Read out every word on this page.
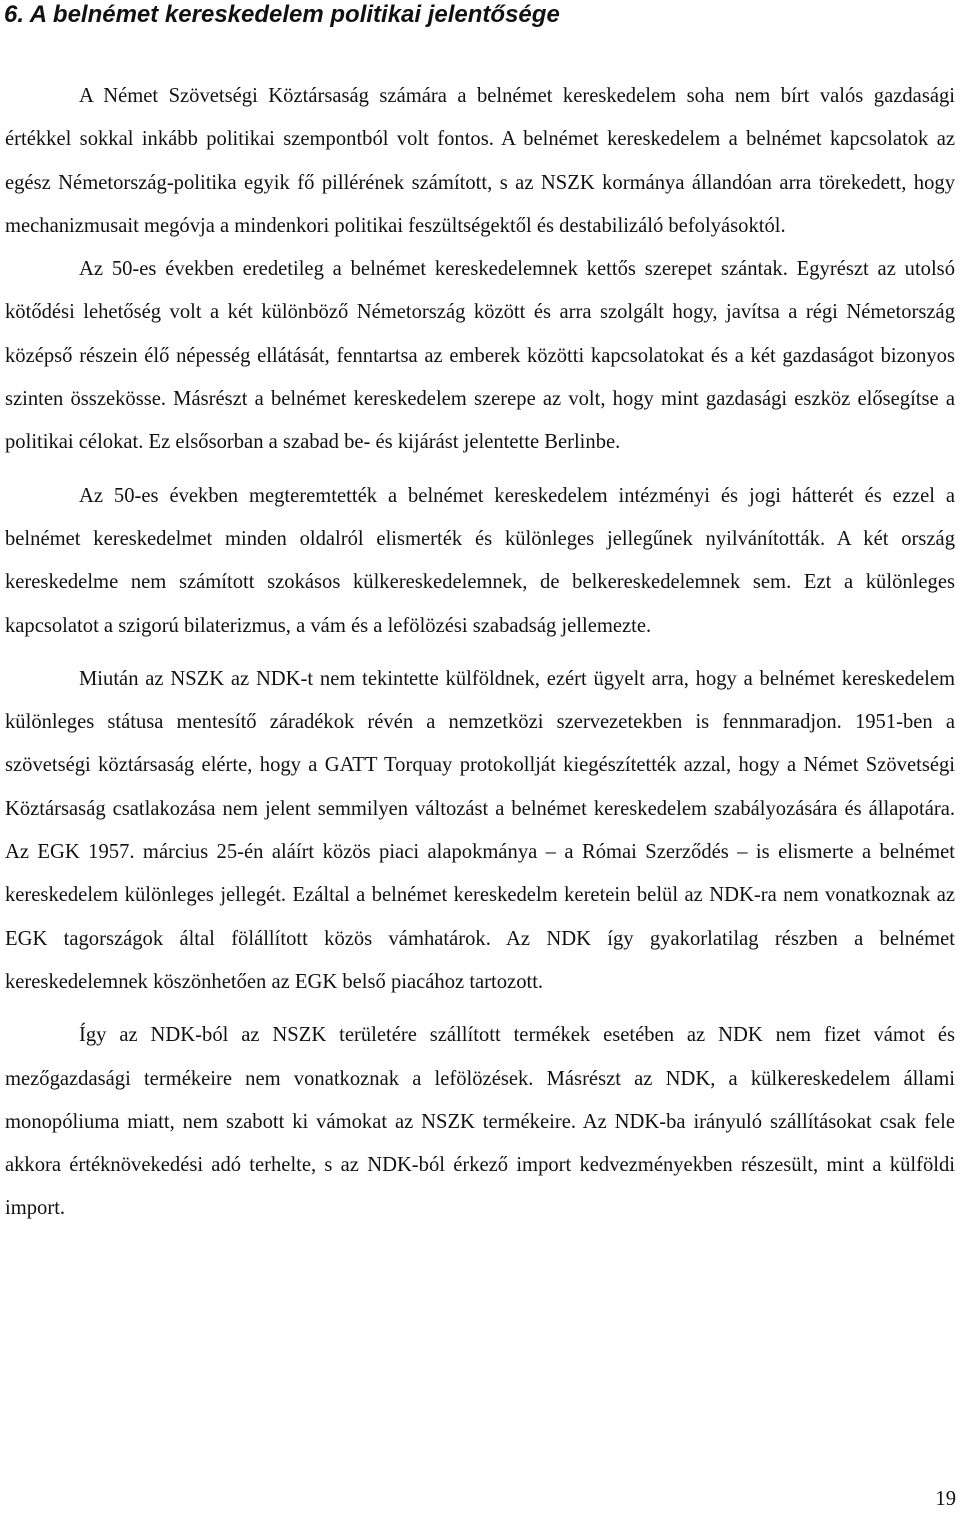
6. A belnémet kereskedelem politikai jelentősége

A Német Szövetségi Köztársaság számára a belnémet kereskedelem soha nem bírt valós gazdasági értékkel sokkal inkább politikai szempontból volt fontos. A belnémet kereskedelem a belnémet kapcsolatok az egész Németország-politika egyik fő pillérének számított, s az NSZK kormánya állandóan arra törekedett, hogy mechanizmusait megóvja a mindenkori politikai feszültségektől és destabilizáló befolyásoktól.

Az 50-es években eredetileg a belnémet kereskedelemnek kettős szerepet szántak. Egyrészt az utolsó kötődési lehetőség volt a két különböző Németország között és arra szolgált hogy, javítsa a régi Németország középső részein élő népesség ellátását, fenntartsa az emberek közötti kapcsolatokat és a két gazdaságot bizonyos szinten összekösse. Másrészt a belnémet kereskedelem szerepe az volt, hogy mint gazdasági eszköz elősegítse a politikai célokat. Ez elsősorban a szabad be- és kijárást jelentette Berlinbe.

Az 50-es években megteremtették a belnémet kereskedelem intézményi és jogi hátterét és ezzel a belnémet kereskedelmet minden oldalról elismerték és különleges jellegűnek nyilvánították. A két ország kereskedelme nem számított szokásos külkereskedelemnek, de belkereskedelemnek sem. Ezt a különleges kapcsolatot a szigorú bilaterizmus, a vám és a lefölözési szabadság jellemezte.

Miután az NSZK az NDK-t nem tekintette külföldnek, ezért ügyelt arra, hogy a belnémet kereskedelem különleges státusa mentesítő záradékok révén a nemzetközi szervezetekben is fennmaradjon. 1951-ben a szövetségi köztársaság elérte, hogy a GATT Torquay protokollját kiegészítették azzal, hogy a Német Szövetségi Köztársaság csatlakozása nem jelent semmilyen változást a belnémet kereskedelem szabályozására és állapotára. Az EGK 1957. március 25-én aláírt közös piaci alapokmánya – a Római Szerződés – is elismerte a belnémet kereskedelem különleges jellegét. Ezáltal a belnémet kereskedelm keretein belül az NDK-ra nem vonatkoznak az EGK tagországok által fölállított közös vámhatárok. Az NDK így gyakorlatilag részben a belnémet kereskedelemnek köszönhetően az EGK belső piacához tartozott.

Így az NDK-ból az NSZK területére szállított termékek esetében az NDK nem fizet vámot és mezőgazdasági termékeire nem vonatkoznak a lefölözések. Másrészt az NDK, a külkereskedelem állami monopóliuma miatt, nem szabott ki vámokat az NSZK termékeire. Az NDK-ba irányuló szállításokat csak fele akkora értéknövekedési adó terhelte, s az NDK-ból érkező import kedvezményekben részesült, mint a külföldi import.

19
